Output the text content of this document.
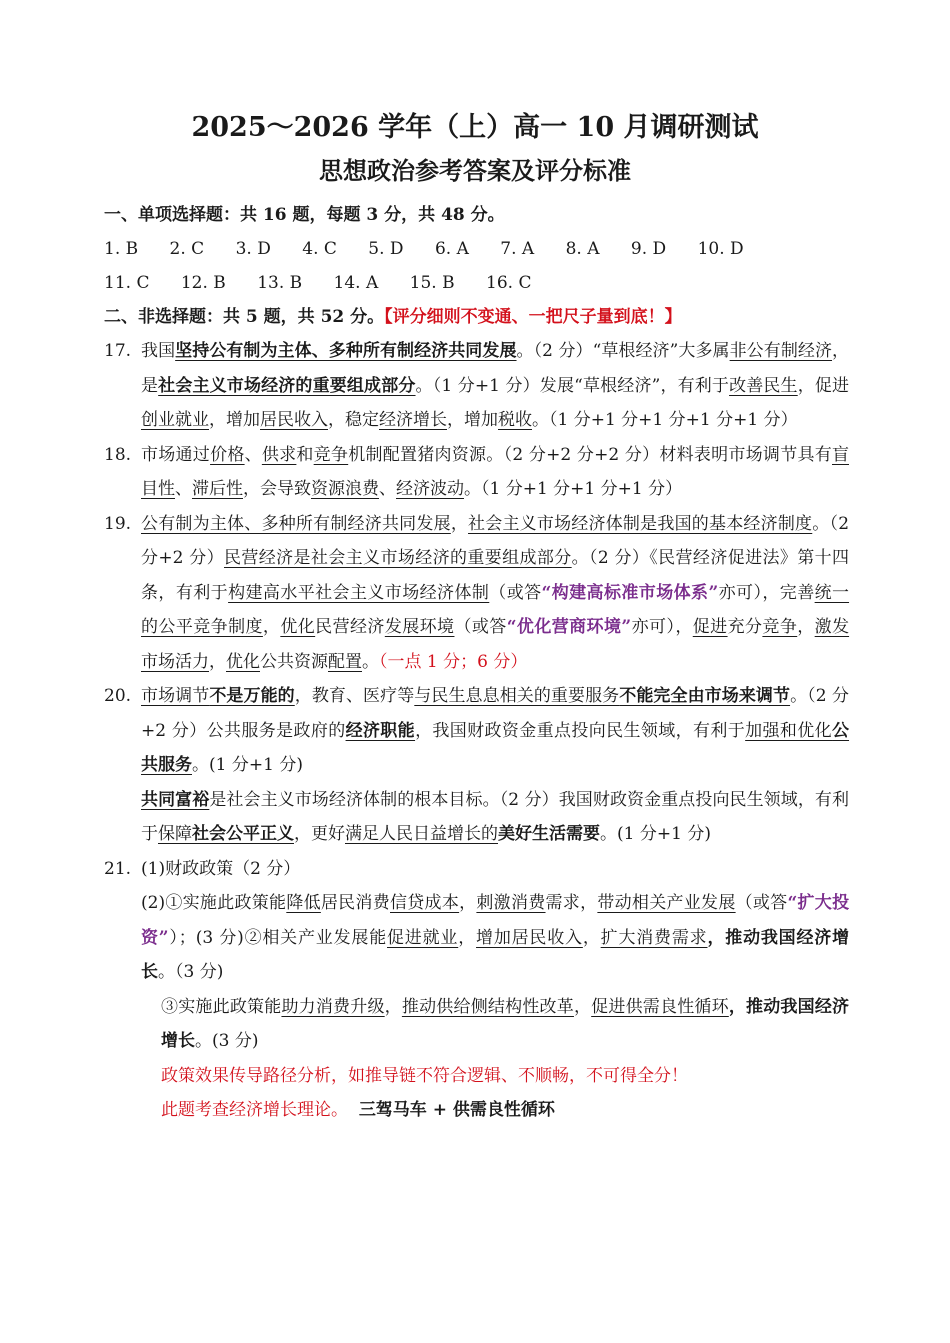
2025～2026 学年（上）高一 10 月调研测试
思想政治参考答案及评分标准
一、单项选择题：共 16 题，每题 3 分，共 48 分。
1. B 2. C 3. D 4. C 5. D 6. A 7. A 8. A 9. D 10. D
11. C 12. B 13. B 14. A 15. B 16. C
二、非选择题：共 5 题，共 52 分。【评分细则不变通、一把尺子量到底！】
17. 我国坚持公有制为主体、多种所有制经济共同发展。（2 分）“草根经济”大多属非公有制经济，是社会主义市场经济的重要组成部分。（1 分+1 分）发展“草根经济”，有利于改善民生，促进创业就业，增加居民收入，稳定经济增长，增加税收。（1 分+1 分+1 分+1 分+1 分）
18. 市场通过价格、供求和竞争机制配置猪肉资源。（2 分+2 分+2 分）材料表明市场调节具有盲目性、滞后性，会导致资源浪费、经济波动。（1 分+1 分+1 分+1 分）
19. 公有制为主体、多种所有制经济共同发展，社会主义市场经济体制是我国的基本经济制度。（2 分+2 分）民营经济是社会主义市场经济的重要组成部分。（2 分）《民营经济促进法》第十四条，有利于构建高水平社会主义市场经济体制（或答“构建高标准市场体系”亦可），完善统一的公平竞争制度，优化民营经济发展环境（或答“优化营商环境”亦可），促进充分竞争，激发市场活力，优化公共资源配置。（一点 1 分；6 分）
20. 市场调节不是万能的，教育、医疗等与民生息息相关的重要服务不能完全由市场来调节。（2 分+2 分）公共服务是政府的经济职能，我国财政资金重点投向民生领域，有利于加强和优化公共服务。(1 分+1 分)
共同富裕是社会主义市场经济体制的根本目标。（2 分）我国财政资金重点投向民生领域，有利于保障社会公平正义，更好满足人民日益增长的美好生活需要。(1 分+1 分)
21. (1)财政政策（2 分）
(2)①实施此政策能降低居民消费信贷成本，刺激消费需求，带动相关产业发展（或答“扩大投资”）；(3 分)②相关产业发展能促进就业，增加居民收入，扩大消费需求，推动我国经济增长。（3 分)
③实施此政策能助力消费升级，推动供给侧结构性改革，促进供需良性循环，推动我国经济增长。(3 分)
政策效果传导路径分析，如推导链不符合逻辑、不顺畅，不可得全分！
此题考查经济增长理论。 三驾马车 + 供需良性循环
